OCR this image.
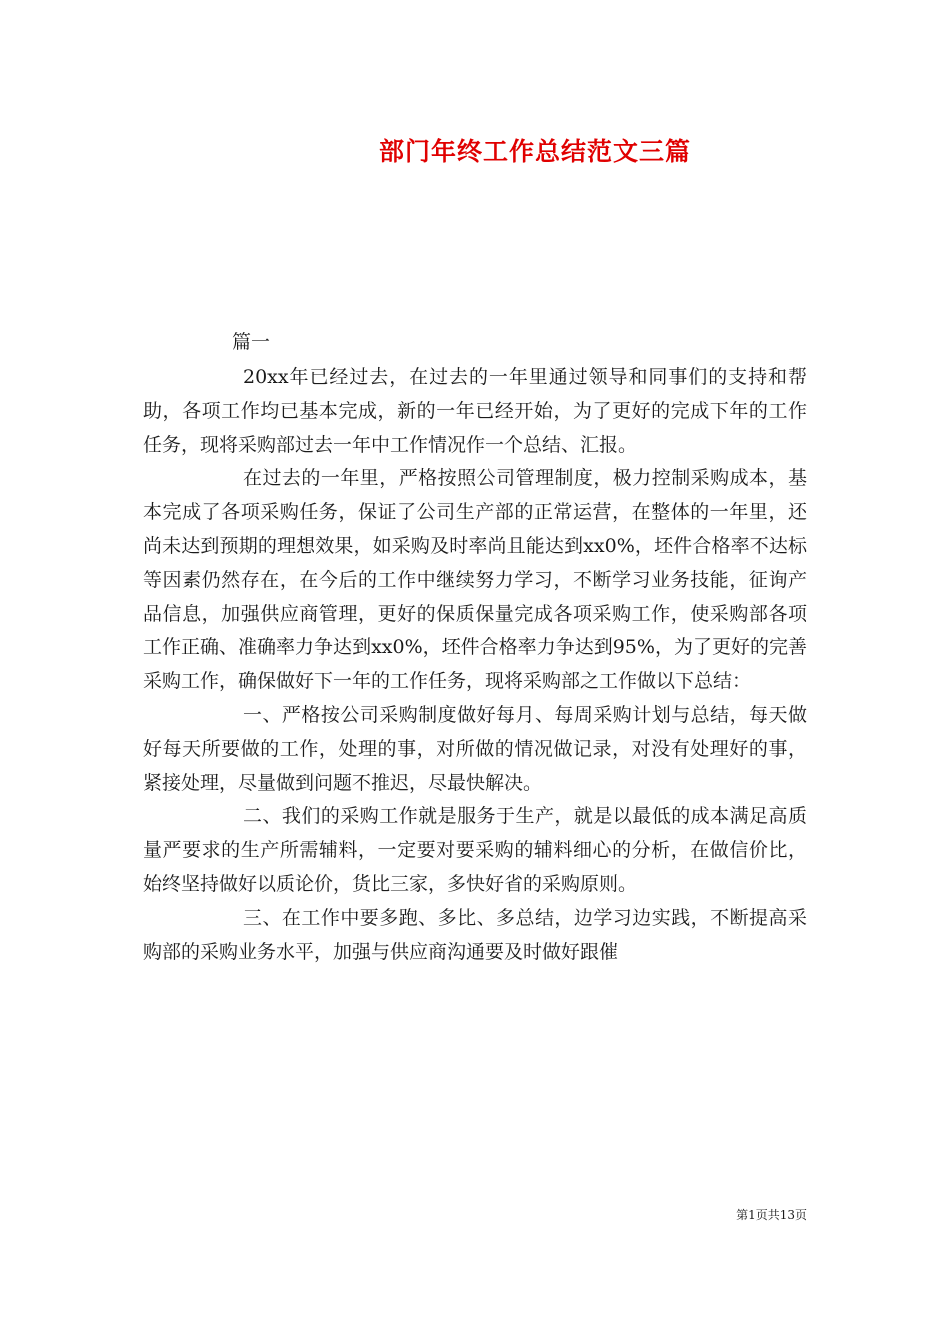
部门年终工作总结范文三篇
篇一

20xx年已经过去，在过去的一年里通过领导和同事们的支持和帮助，各项工作均已基本完成，新的一年已经开始，为了更好的完成下年的工作任务，现将采购部过去一年中工作情况作一个总结、汇报。

在过去的一年里，严格按照公司管理制度，极力控制采购成本，基本完成了各项采购任务，保证了公司生产部的正常运营，在整体的一年里，还尚未达到预期的理想效果，如采购及时率尚且能达到xx0%，坯件合格率不达标等因素仍然存在，在今后的工作中继续努力学习，不断学习业务技能，征询产品信息，加强供应商管理，更好的保质保量完成各项采购工作，使采购部各项工作正确、准确率力争达到xx0%，坯件合格率力争达到95%，为了更好的完善采购工作，确保做好下一年的工作任务，现将采购部之工作做以下总结：

一、严格按公司采购制度做好每月、每周采购计划与总结，每天做好每天所要做的工作，处理的事，对所做的情况做记录，对没有处理好的事，紧接处理，尽量做到问题不推迟，尽最快解决。

二、我们的采购工作就是服务于生产，就是以最低的成本满足高质量严要求的生产所需辅料，一定要对要采购的辅料细心的分析，在做信价比，始终坚持做好以质论价，货比三家，多快好省的采购原则。

三、在工作中要多跑、多比、多总结，边学习边实践，不断提高采购部的采购业务水平，加强与供应商沟通要及时做好跟催

第1页共13页
